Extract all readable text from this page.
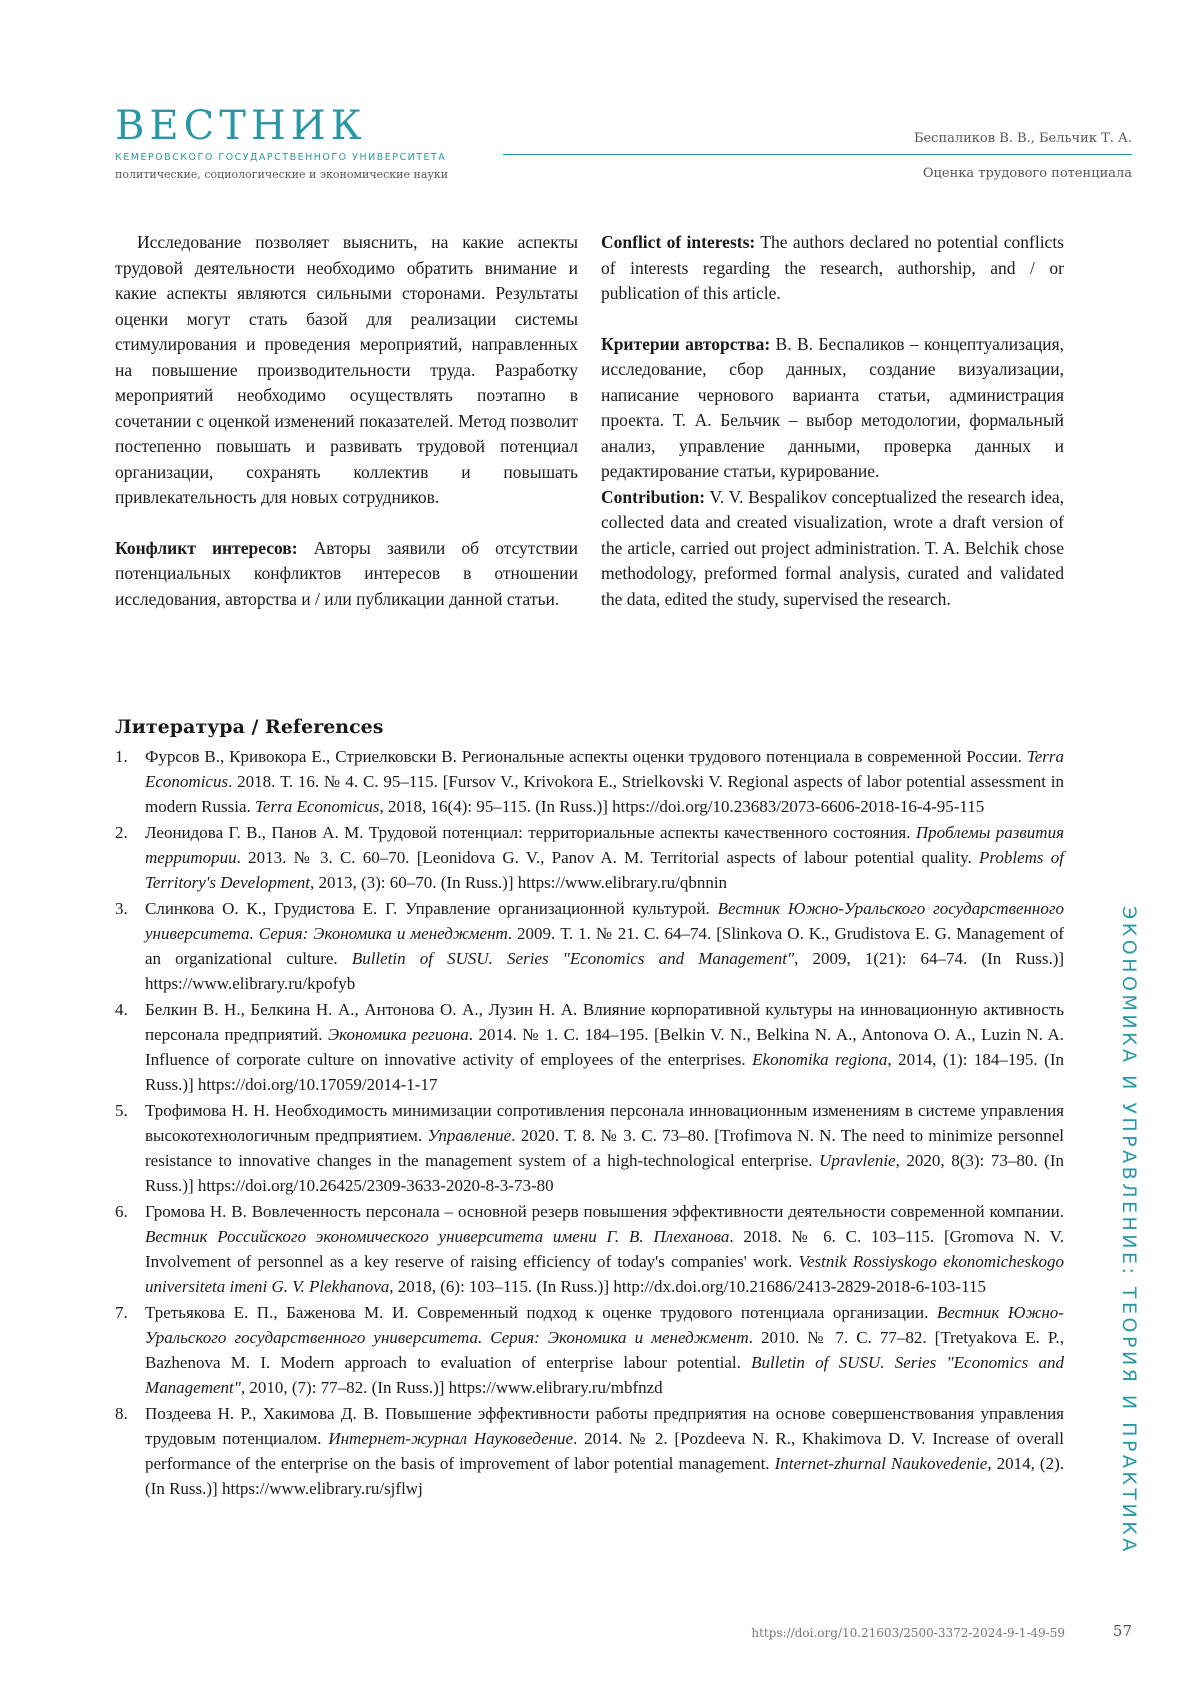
ВЕСТНИК
КЕМЕРОВСКОГО ГОСУДАРСТВЕННОГО УНИВЕРСИТЕТА
политические, социологические и экономические науки
Беспаликов В. В., Бельчик Т. А.
Оценка трудового потенциала

Исследование позволяет выяснить, на какие аспекты трудовой деятельности необходимо обратить внимание и какие аспекты являются сильными сторонами. Результаты оценки могут стать базой для реализации системы стимулирования и проведения мероприятий, направленных на повышение производительности труда. Разработку мероприятий необходимо осуществлять поэтапно в сочетании с оценкой изменений показателей. Метод позволит постепенно повышать и развивать трудовой потенциал организации, сохранять коллектив и повышать привлекательность для новых сотрудников.

Конфликт интересов: Авторы заявили об отсутствии потенциальных конфликтов интересов в отношении исследования, авторства и / или публикации данной статьи.

Conflict of interests: The authors declared no potential conflicts of interests regarding the research, authorship, and / or publication of this article.

Критерии авторства: В. В. Беспаликов – концептуализация, исследование, сбор данных, создание визуализации, написание чернового варианта статьи, администрация проекта. Т. А. Бельчик – выбор методологии, формальный анализ, управление данными, проверка данных и редактирование статьи, курирование.

Contribution: V. V. Bespalikov conceptualized the research idea, collected data and created visualization, wrote a draft version of the article, carried out project administration. T. A. Belchik chose methodology, preformed formal analysis, curated and validated the data, edited the study, supervised the research.

Литература / References
1. Фурсов В., Кривокора Е., Стриелковски В. Региональные аспекты оценки трудового потенциала в современной России. Terra Economicus. 2018. Т. 16. № 4. С. 95–115. [Fursov V., Krivokora E., Strielkovski V. Regional aspects of labor potential assessment in modern Russia. Terra Economicus, 2018, 16(4): 95–115. (In Russ.)] https://doi.org/10.23683/2073-6606-2018-16-4-95-115
2. Леонидова Г. В., Панов А. М. Трудовой потенциал: территориальные аспекты качественного состояния. Проблемы развития территории. 2013. № 3. С. 60–70. [Leonidova G. V., Panov A. M. Territorial aspects of labour potential quality. Problems of Territory's Development, 2013, (3): 60–70. (In Russ.)] https://www.elibrary.ru/qbnnin
3. Слинкова О. К., Грудистова Е. Г. Управление организационной культурой. Вестник Южно-Уральского государственного университета. Серия: Экономика и менеджмент. 2009. Т. 1. № 21. С. 64–74. [Slinkova O. K., Grudistova E. G. Management of an organizational culture. Bulletin of SUSU. Series "Economics and Management", 2009, 1(21): 64–74. (In Russ.)] https://www.elibrary.ru/kpofyb
4. Белкин В. Н., Белкина Н. А., Антонова О. А., Лузин Н. А. Влияние корпоративной культуры на инновационную активность персонала предприятий. Экономика региона. 2014. № 1. С. 184–195. [Belkin V. N., Belkina N. A., Antonova O. A., Luzin N. A. Influence of corporate culture on innovative activity of employees of the enterprises. Ekonomika regiona, 2014, (1): 184–195. (In Russ.)] https://doi.org/10.17059/2014-1-17
5. Трофимова Н. Н. Необходимость минимизации сопротивления персонала инновационным изменениям в системе управления высокотехнологичным предприятием. Управление. 2020. Т. 8. № 3. С. 73–80. [Trofimova N. N. The need to minimize personnel resistance to innovative changes in the management system of a high-technological enterprise. Upravlenie, 2020, 8(3): 73–80. (In Russ.)] https://doi.org/10.26425/2309-3633-2020-8-3-73-80
6. Громова Н. В. Вовлеченность персонала – основной резерв повышения эффективности деятельности современной компании. Вестник Российского экономического университета имени Г. В. Плеханова. 2018. № 6. С. 103–115. [Gromova N. V. Involvement of personnel as a key reserve of raising efficiency of today's companies' work. Vestnik Rossiyskogo ekonomicheskogo universiteta imeni G. V. Plekhanova, 2018, (6): 103–115. (In Russ.)] http://dx.doi.org/10.21686/2413-2829-2018-6-103-115
7. Третьякова Е. П., Баженова М. И. Современный подход к оценке трудового потенциала организации. Вестник Южно-Уральского государственного университета. Серия: Экономика и менеджмент. 2010. № 7. С. 77–82. [Tretyakova E. P., Bazhenova M. I. Modern approach to evaluation of enterprise labour potential. Bulletin of SUSU. Series "Economics and Management", 2010, (7): 77–82. (In Russ.)] https://www.elibrary.ru/mbfnzd
8. Поздеева Н. Р., Хакимова Д. В. Повышение эффективности работы предприятия на основе совершенствования управления трудовым потенциалом. Интернет-журнал Науковедение. 2014. № 2. [Pozdeeva N. R., Khakimova D. V. Increase of overall performance of the enterprise on the basis of improvement of labor potential management. Internet-zhurnal Naukovedenie, 2014, (2). (In Russ.)] https://www.elibrary.ru/sjflwj	ЭКОНОМИКА И УПРАВЛЕНИЕ: ТЕОРИЯ И ПРАКТИКА
https://doi.org/10.21603/2500-3372-2024-9-1-49-59	57
